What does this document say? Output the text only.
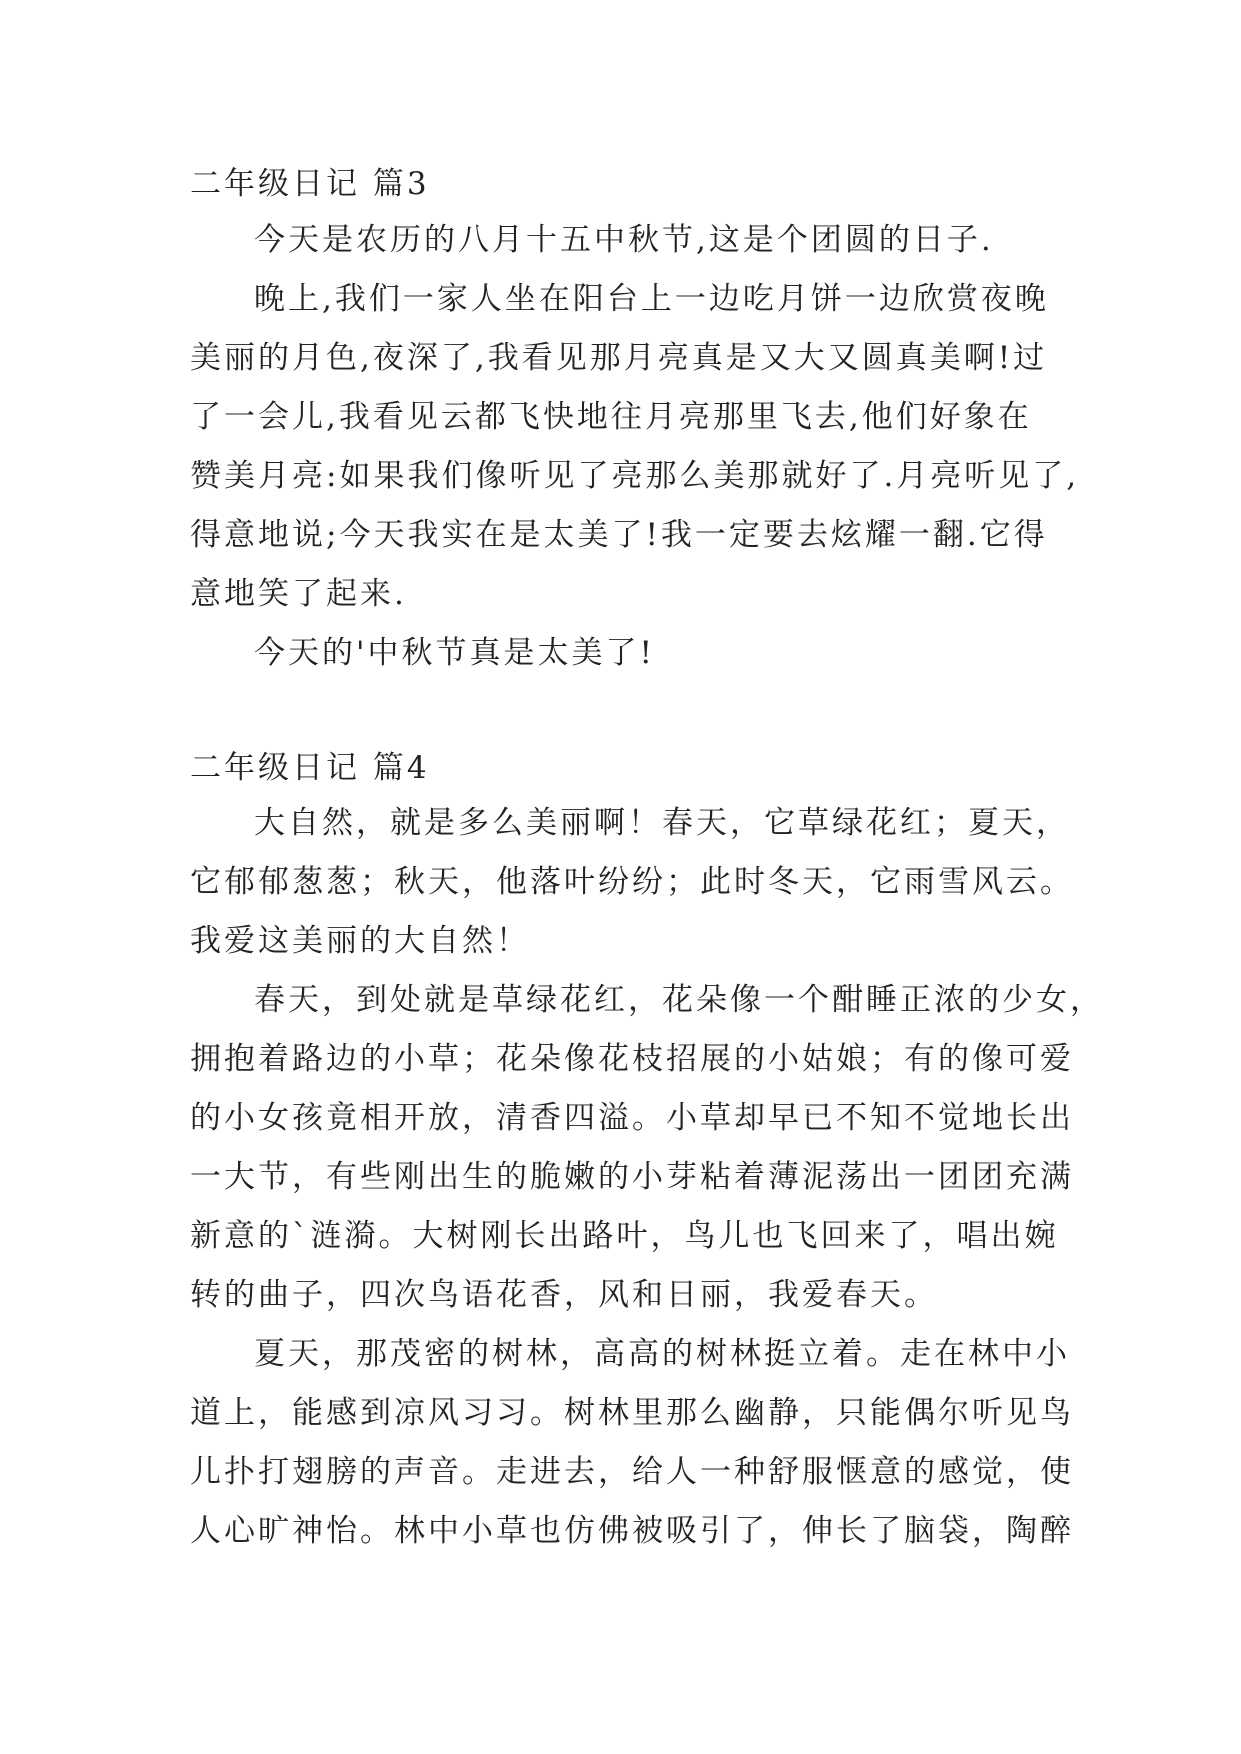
二年级日记 篇3
今天是农历的八月十五中秋节,这是个团圆的日子.
晚上,我们一家人坐在阳台上一边吃月饼一边欣赏夜晚
美丽的月色,夜深了,我看见那月亮真是又大又圆真美啊!过
了一会儿,我看见云都飞快地往月亮那里飞去,他们好象在
赞美月亮:如果我们像听见了亮那么美那就好了.月亮听见了,
得意地说;今天我实在是太美了!我一定要去炫耀一翻.它得
意地笑了起来.
今天的'中秋节真是太美了!
二年级日记 篇4
大自然，就是多么美丽啊！春天，它草绿花红；夏天，
它郁郁葱葱；秋天，他落叶纷纷；此时冬天，它雨雪风云。
我爱这美丽的大自然！
春天，到处就是草绿花红，花朵像一个酣睡正浓的少女，
拥抱着路边的小草；花朵像花枝招展的小姑娘；有的像可爱
的小女孩竟相开放，清香四溢。小草却早已不知不觉地长出
一大节，有些刚出生的脆嫩的小芽粘着薄泥荡出一团团充满
新意的`涟漪。大树刚长出路叶，鸟儿也飞回来了，唱出婉
转的曲子，四次鸟语花香，风和日丽，我爱春天。
夏天，那茂密的树林，高高的树林挺立着。走在林中小
道上，能感到凉风习习。树林里那么幽静，只能偶尔听见鸟
儿扑打翅膀的声音。走进去，给人一种舒服惬意的感觉，使
人心旷神怡。林中小草也仿佛被吸引了，伸长了脑袋，陶醉
